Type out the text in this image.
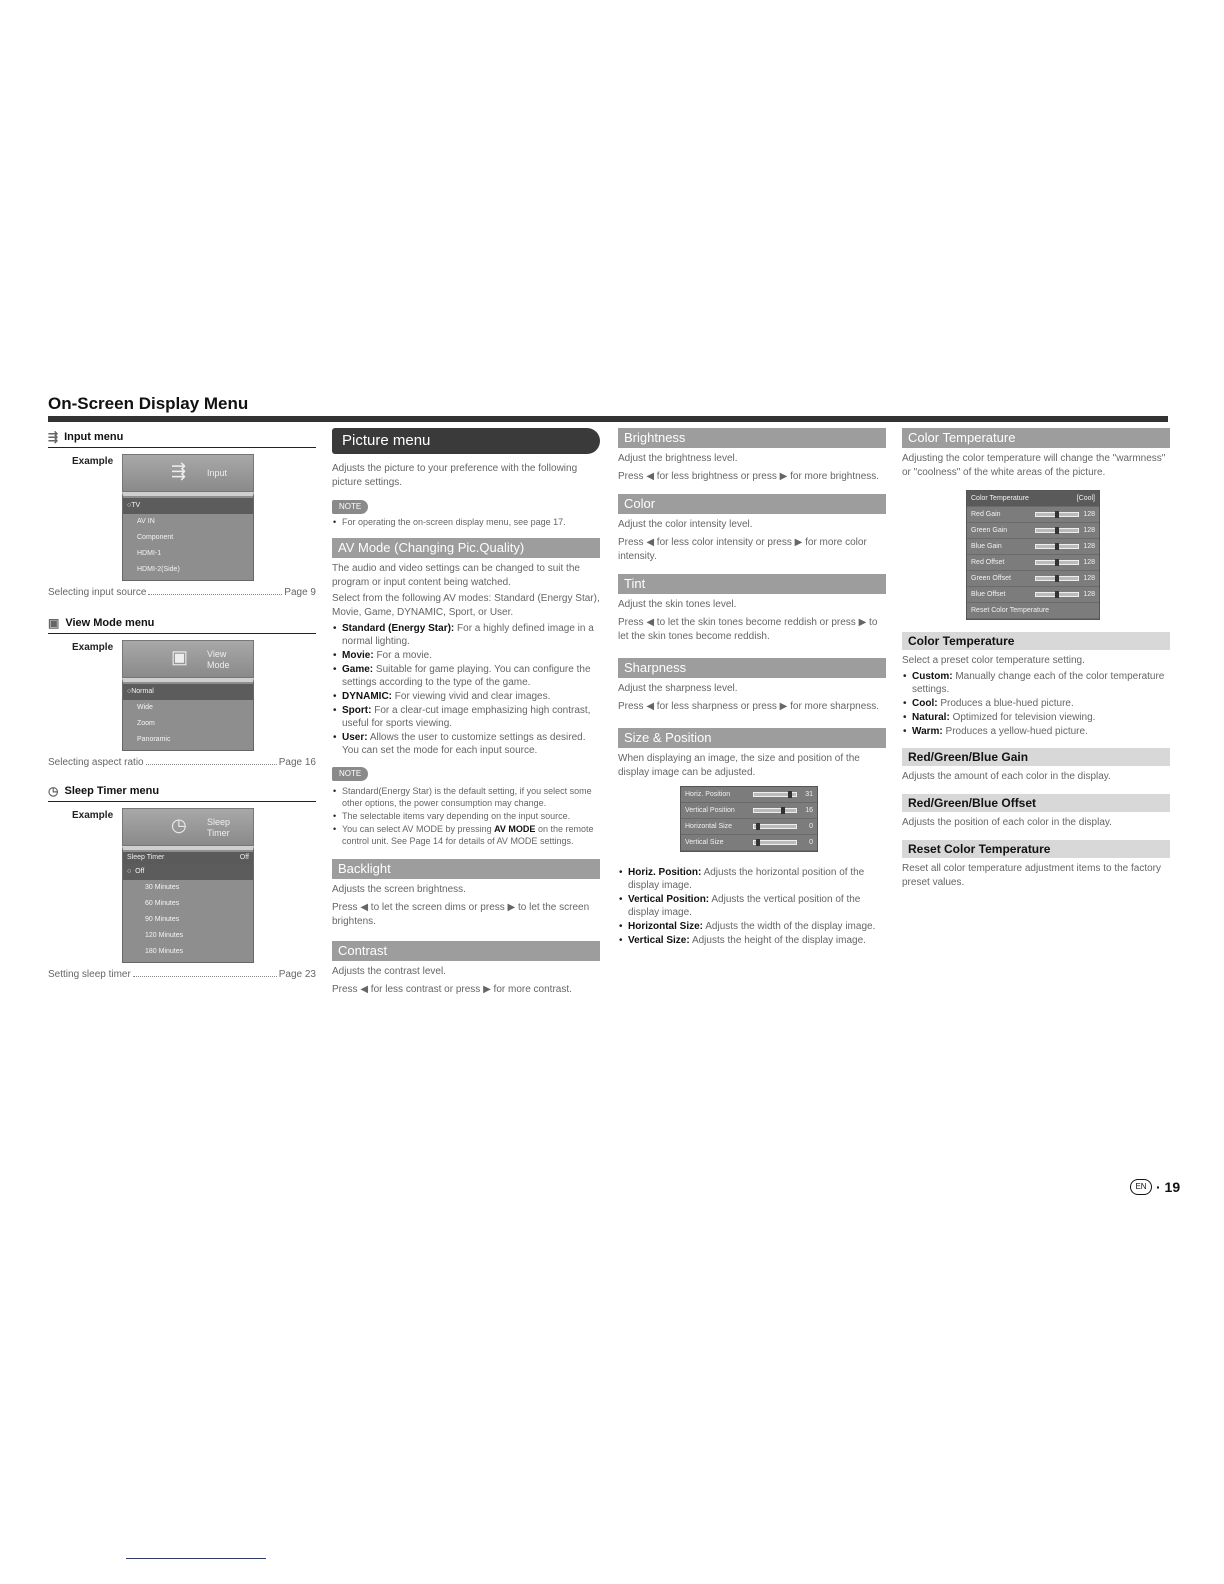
On-Screen Display Menu
⇶ Input menu
Example	⇶ Input
○TV
AV IN
Component
HDMI-1
HDMI-2(Side)
Selecting input source	Page 9
▣ View Mode menu
Example	▣ View
Mode
○Normal
Wide
Zoom
Panoramic
Selecting aspect ratio	Page 16
◷ Sleep Timer menu
Example	◷ Sleep
Timer
Sleep Timer	Off
○  Off
30 Minutes
60 Minutes
90 Minutes
120 Minutes
180 Minutes
Setting sleep timer	Page 23
Picture menu

Adjusts the picture to your preference with the following picture settings.

NOTE
• For operating the on-screen display menu, see page 17.
AV Mode (Changing Pic.Quality)

The audio and video settings can be changed to suit the program or input content being watched.

Select from the following AV modes: Standard (Energy Star), Movie, Game, DYNAMIC, Sport, or User.

• Standard (Energy Star): For a highly defined image in a normal lighting.
• Movie: For a movie.
• Game: Suitable for game playing. You can configure the settings according to the type of the game.
• DYNAMIC: For viewing vivid and clear images.
• Sport: For a clear-cut image emphasizing high contrast, useful for sports viewing.
• User: Allows the user to customize settings as desired. You can set the mode for each input source.
NOTE
• Standard(Energy Star) is the default setting, if you select some other options, the power consumption may change.
• The selectable items vary depending on the input source.
• You can select AV MODE by pressing AV MODE on the remote control unit. See Page 14 for details of AV MODE settings.
Backlight

Adjusts the screen brightness.

Press ◀ to let the screen dims or press ▶ to let the screen brightens.

Contrast

Adjusts the contrast level.

Press ◀ for less contrast or press ▶ for more contrast.

Brightness

Adjust the brightness level.

Press ◀ for less brightness or press ▶ for more brightness.

Color

Adjust the color intensity level.

Press ◀ for less color intensity or press ▶ for more color intensity.

Tint

Adjust the skin tones level.

Press ◀ to let the skin tones become reddish or press ▶ to let the skin tones become reddish.

Sharpness

Adjust the sharpness level.

Press ◀ for less sharpness or press ▶ for more sharpness.

Size & Position

When displaying an image, the size and position of the display image can be adjusted.

Horiz. Position	31
Vertical Position	16
Horizontal Size	0
Vertical Size	0
• Horiz. Position: Adjusts the horizontal position of the display image.
• Vertical Position: Adjusts the vertical position of the display image.
• Horizontal Size: Adjusts the width of the display image.
• Vertical Size: Adjusts the height of the display image.
Color Temperature

Adjusting the color temperature will change the "warmness" or "coolness" of the white areas of the picture.

Color Temperature	[Cool]
Red Gain	128
Green Gain	128
Blue Gain	128
Red Offset	128
Green Offset	128
Blue Offset	128
Reset Color Temperature
Color Temperature

Select a preset color temperature setting.

• Custom: Manually change each of the color temperature settings.
• Cool: Produces a blue-hued picture.
• Natural: Optimized for television viewing.
• Warm: Produces a yellow-hued picture.
Red/Green/Blue Gain

Adjusts the amount of each color in the display.

Red/Green/Blue Offset

Adjusts the position of each color in the display.

Reset Color Temperature

Reset all color temperature adjustment items to the factory preset values.

EN · 19
